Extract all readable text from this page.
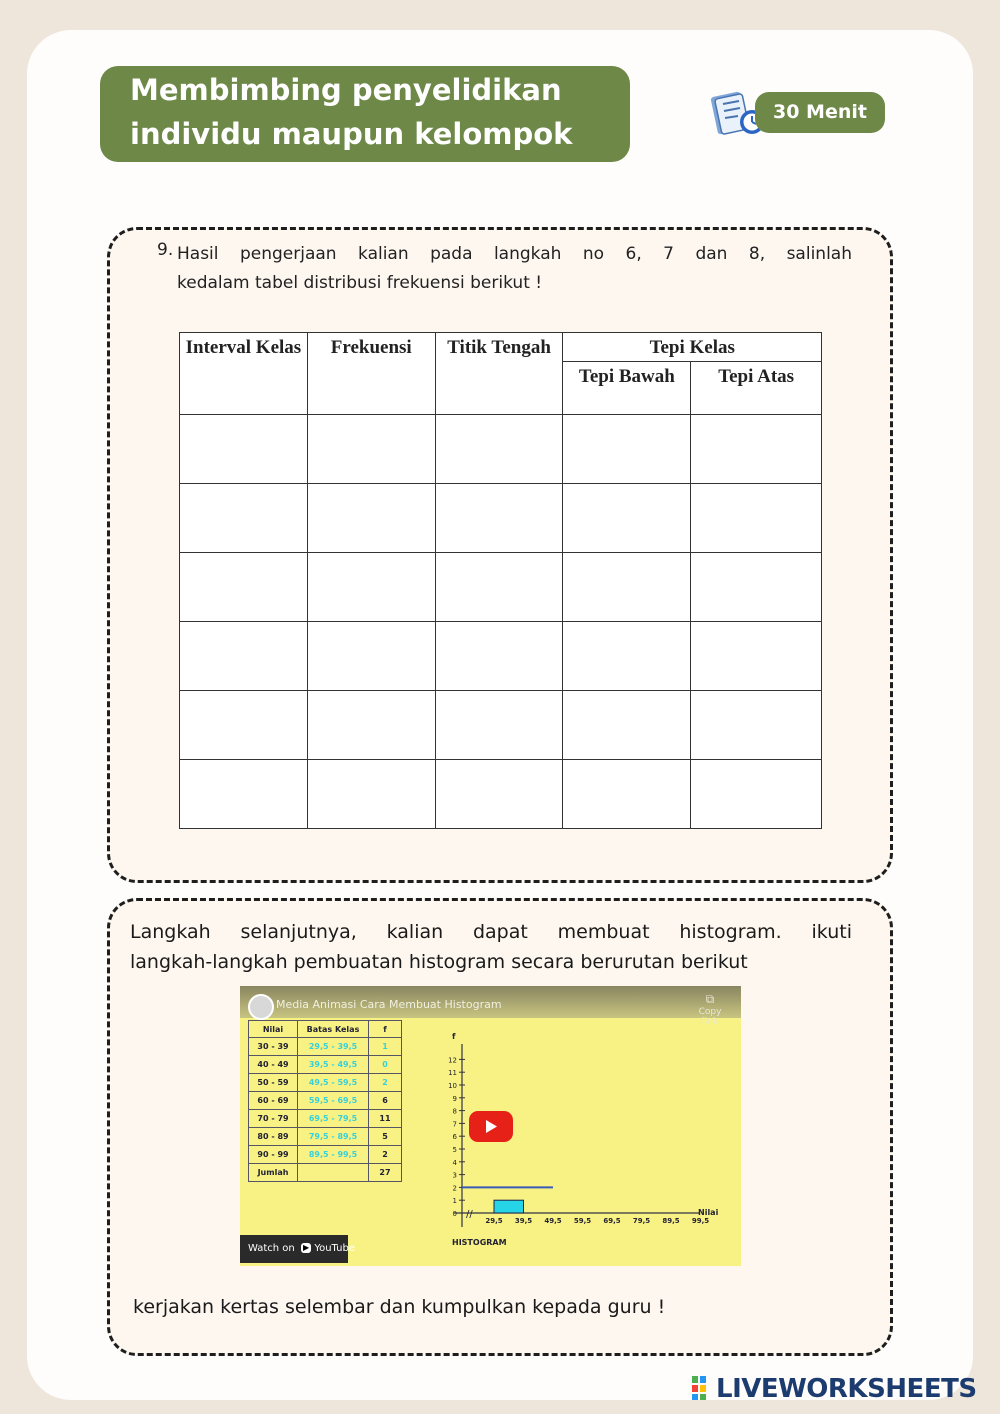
Membimbing penyelidikan
individu maupun kelompok
30 Menit
9. Hasil pengerjaan kalian pada langkah no 6, 7 dan 8, salinlah
kedalam tabel distribusi frekuensi berikut !
Interval Kelas	Frekuensi	Titik Tengah	Tepi Kelas	
			Tepi Bawah	Tepi Atas

Langkah selanjutnya, kalian dapat membuat histogram. ikuti
langkah-langkah pembuatan histogram secara berurutan berikut
Media Animasi Cara Membuat Histogram	⧉
Copy link
Nilai	Batas Kelas	f
30 - 39	29,5 - 39,5	1
40 - 49	39,5 - 49,5	0
50 - 59	49,5 - 59,5	2
60 - 69	59,5 - 69,5	6
70 - 79	69,5 - 79,5	11
80 - 89	79,5 - 89,5	5
90 - 99	89,5 - 99,5	2
Jumlah		27
f
0
1
2
3
4
5
6
7
8
9
10
11
12
29,5 39,5 49,5 59,5 69,5 79,5 89,5 99,5
//	Nilai
HISTOGRAM
Watch on ▶ YouTube
kerjakan kertas selembar dan kumpulkan kepada guru !
LIVEWORKSHEETS
